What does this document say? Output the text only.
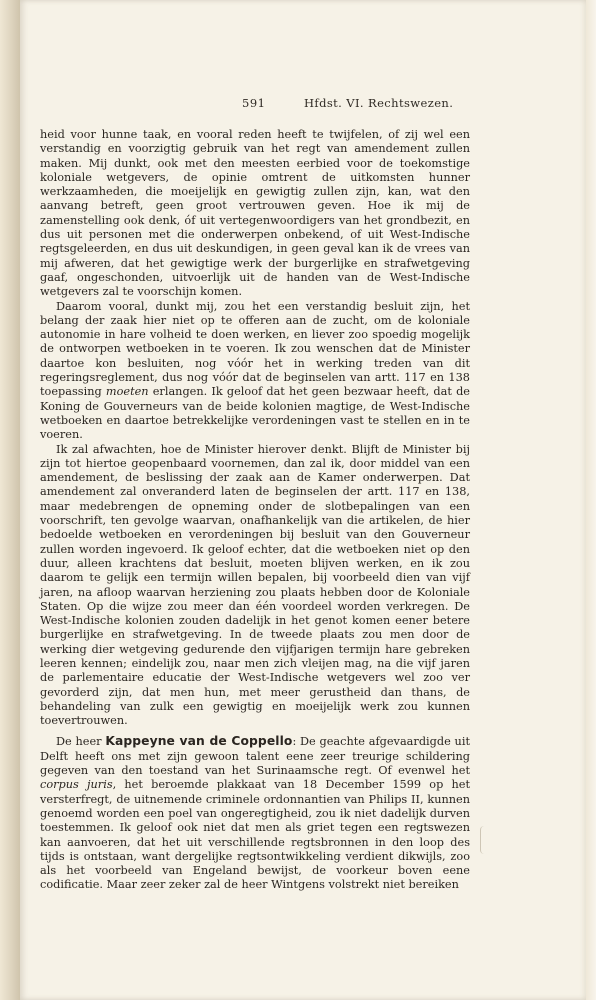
591	Hfdst. VI. Rechtswezen.

heid voor hunne taak, en vooral reden heeft te twijfelen, of zij wel een verstandig en voorzigtig gebruik van het regt van amendement zullen maken. Mij dunkt, ook met den meesten eerbied voor de toekomstige koloniale wetgevers, de opinie omtrent de uitkomsten hunner werkzaamheden, die moeijelijk en gewigtig zullen zijn, kan, wat den aanvang betreft, geen groot vertrouwen geven. Hoe ik mij de zamenstelling ook denk, óf uit vertegenwoordigers van het grondbezit, en dus uit personen met die onderwerpen onbekend, of uit West-Indische regtsgeleerden, en dus uit deskundigen, in geen geval kan ik de vrees van mij afweren, dat het gewigtige werk der burgerlijke en strafwetgeving gaaf, ongeschonden, uitvoerlijk uit de handen van de West-Indische wetgevers zal te voorschijn komen.

Daarom vooral, dunkt mij, zou het een verstandig besluit zijn, het belang der zaak hier niet op te offeren aan de zucht, om de koloniale autonomie in hare volheid te doen werken, en liever zoo spoedig mogelijk de ontworpen wetboeken in te voeren. Ik zou wenschen dat de Minister daartoe kon besluiten, nog vóór het in werking treden van dit regeringsreglement, dus nog vóór dat de beginselen van artt. 117 en 138 toepassing moeten erlangen. Ik geloof dat het geen bezwaar heeft, dat de Koning de Gouverneurs van de beide kolonien magtige, de West-Indische wetboeken en daartoe betrekkelijke verordeningen vast te stellen en in te voeren.

Ik zal afwachten, hoe de Minister hierover denkt. Blijft de Minister bij zijn tot hiertoe geopenbaard voornemen, dan zal ik, door middel van een amendement, de beslissing der zaak aan de Kamer onderwerpen. Dat amendement zal onveranderd laten de beginselen der artt. 117 en 138, maar medebrengen de opneming onder de slotbepalingen van een voorschrift, ten gevolge waarvan, onafhankelijk van die artikelen, de hier bedoelde wetboeken en verordeningen bij besluit van den Gouverneur zullen worden ingevoerd. Ik geloof echter, dat die wetboeken niet op den duur, alleen krachtens dat besluit, moeten blijven werken, en ik zou daarom te gelijk een termijn willen bepalen, bij voorbeeld dien van vijf jaren, na afloop waarvan herziening zou plaats hebben door de Koloniale Staten. Op die wijze zou meer dan één voordeel worden verkregen. De West-Indische kolonien zouden dadelijk in het genot komen eener betere burgerlijke en strafwetgeving. In de tweede plaats zou men door de werking dier wetgeving gedurende den vijfjarigen termijn hare gebreken leeren kennen; eindelijk zou, naar men zich vleijen mag, na die vijf jaren de parlementaire educatie der West-Indische wetgevers wel zoo ver gevorderd zijn, dat men hun, met meer gerustheid dan thans, de behandeling van zulk een gewigtig en moeijelijk werk zou kunnen toevertrouwen.

De heer Kappeyne van de Coppello: De geachte afgevaardigde uit Delft heeft ons met zijn gewoon talent eene zeer treurige schildering gegeven van den toestand van het Surinaamsche regt. Of evenwel het corpus juris, het beroemde plakkaat van 18 December 1599 op het versterfregt, de uitnemende criminele ordonnantien van Philips II, kunnen genoemd worden een poel van ongeregtigheid, zou ik niet dadelijk durven toestemmen. Ik geloof ook niet dat men als griet tegen een regtswezen kan aanvoeren, dat het uit verschillende regtsbronnen in den loop des tijds is ontstaan, want dergelijke regtsontwikkeling verdient dikwijls, zoo als het voorbeeld van Engeland bewijst, de voorkeur boven eene codificatie. Maar zeer zeker zal de heer Wintgens volstrekt niet bereiken
